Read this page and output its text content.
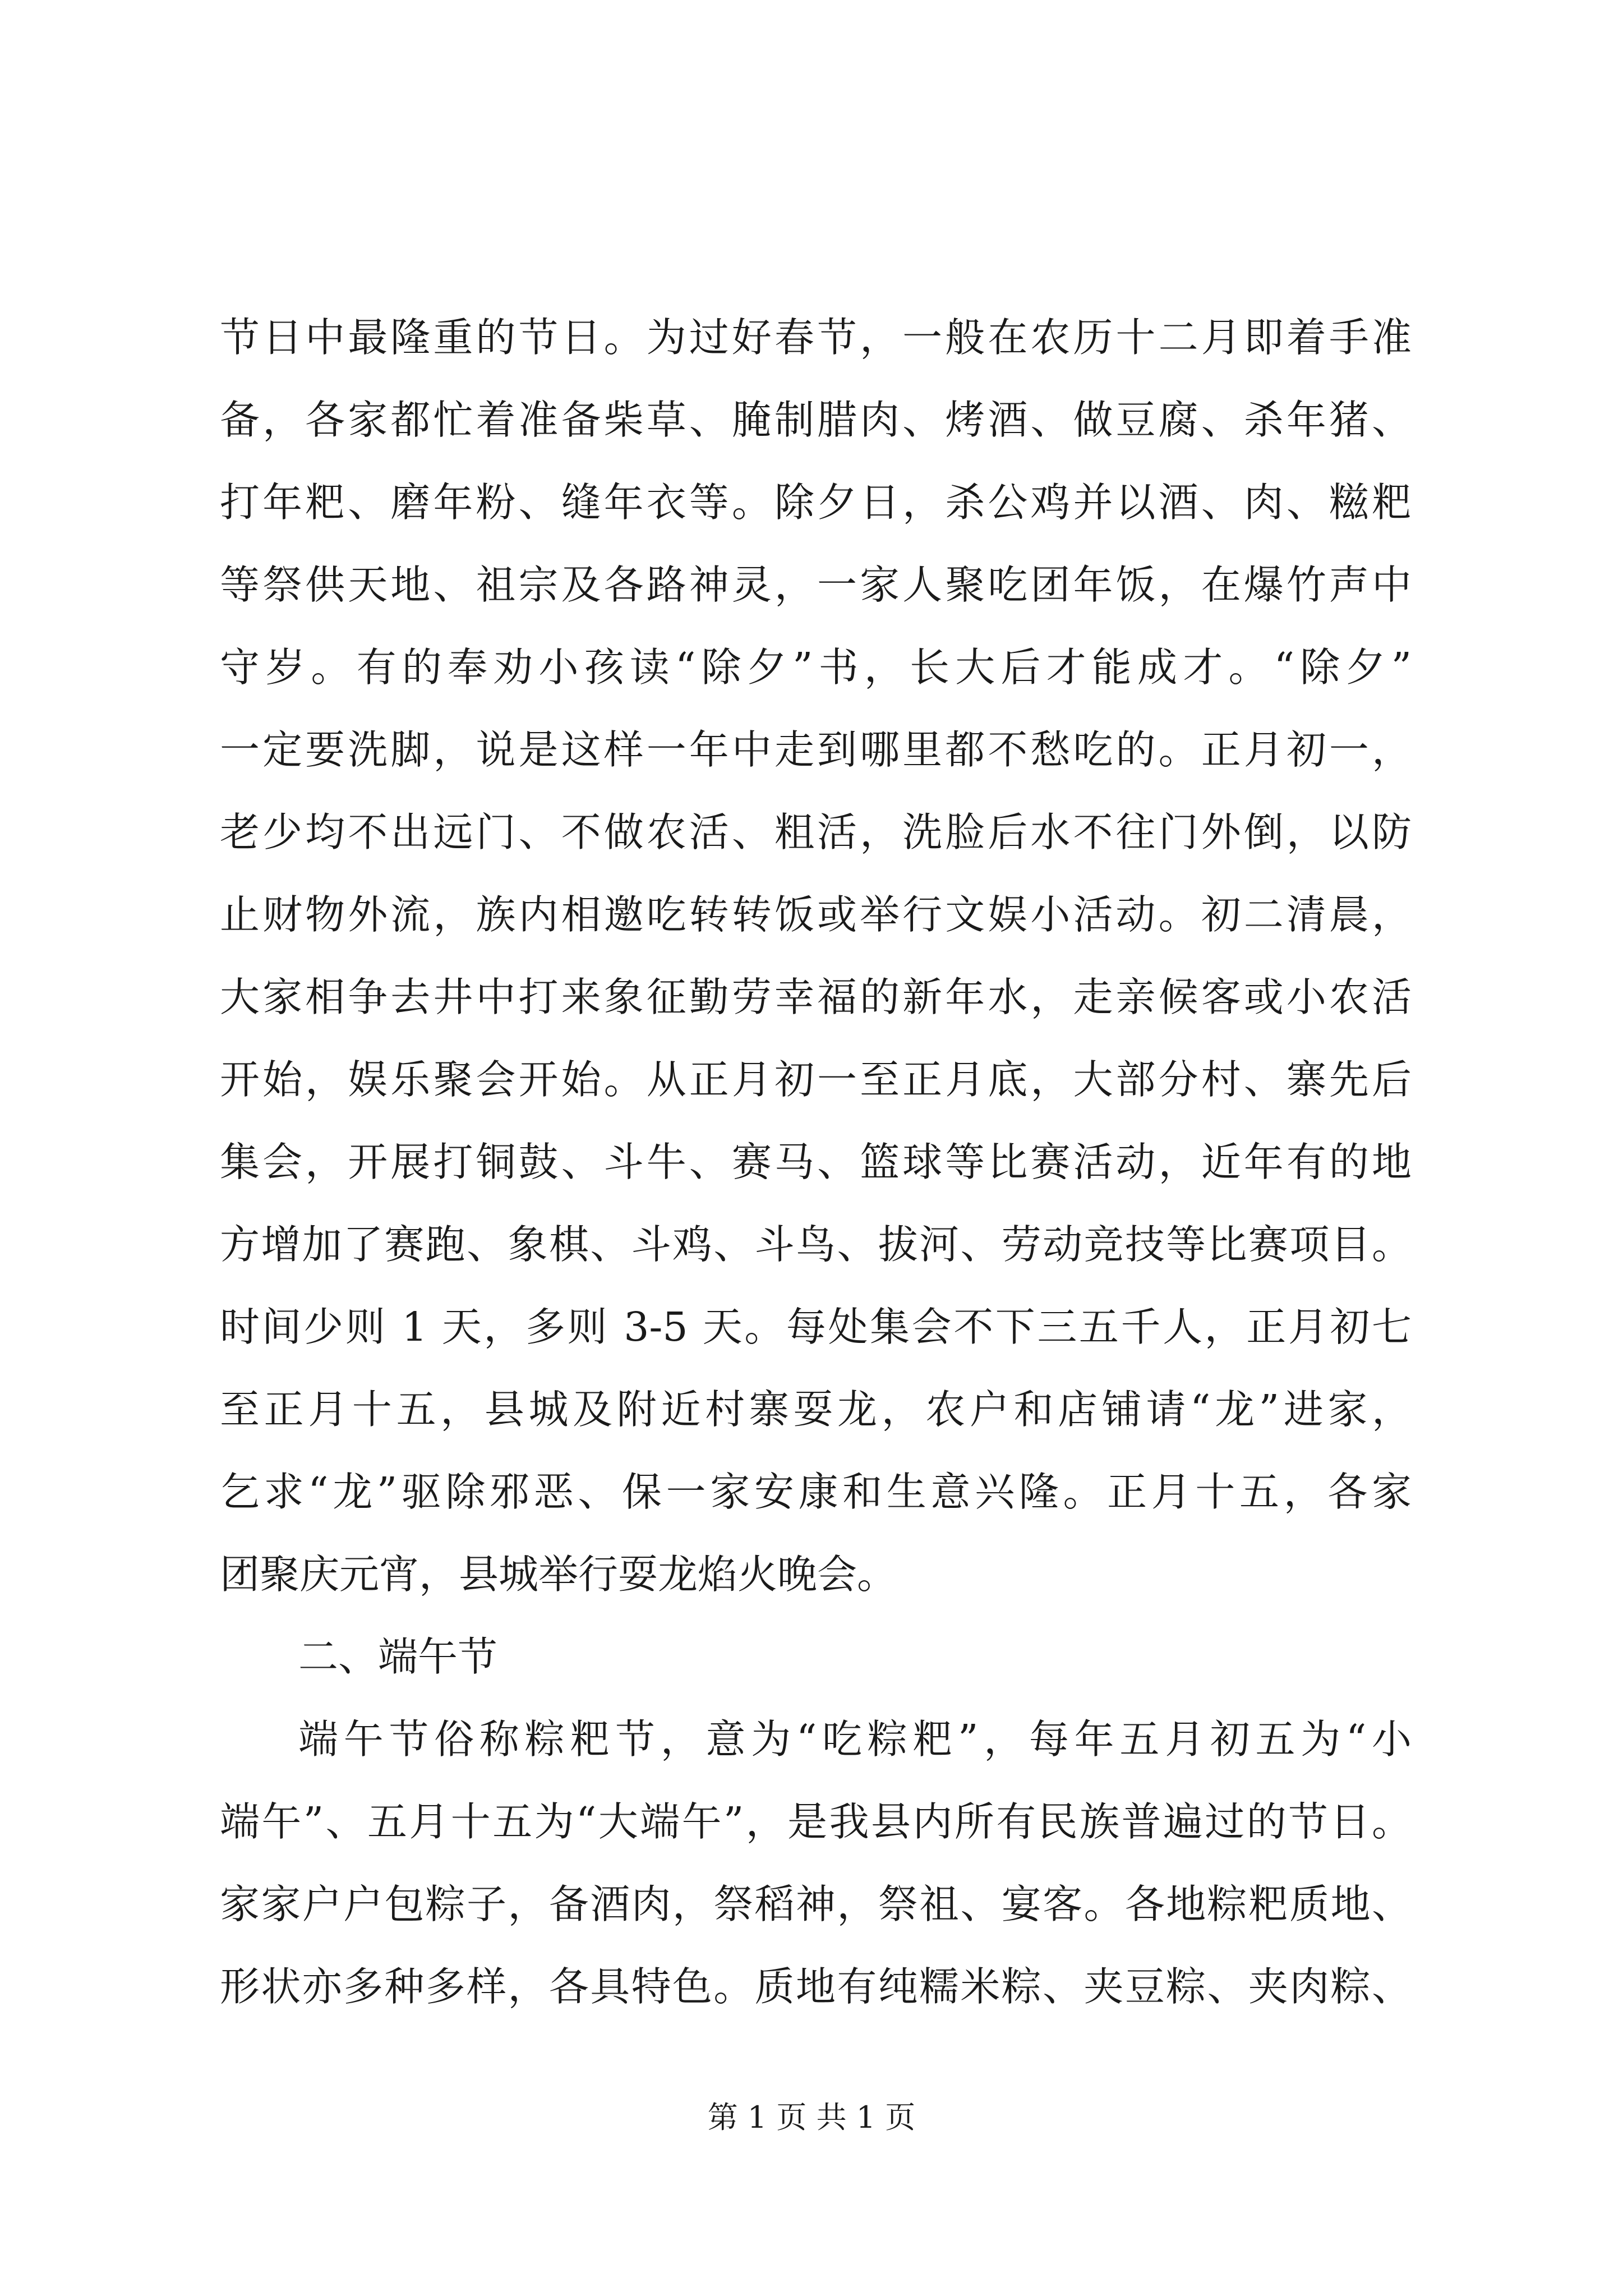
节日中最隆重的节日。为过好春节，一般在农历十二月即着手准
备，各家都忙着准备柴草、腌制腊肉、烤酒、做豆腐、杀年猪、
打年粑、磨年粉、缝年衣等。除夕日，杀公鸡并以酒、肉、糍粑
等祭供天地、祖宗及各路神灵，一家人聚吃团年饭，在爆竹声中
守岁。有的奉劝小孩读“除夕”书，长大后才能成才。“除夕”
一定要洗脚，说是这样一年中走到哪里都不愁吃的。正月初一，
老少均不出远门、不做农活、粗活，洗脸后水不往门外倒，以防
止财物外流，族内相邀吃转转饭或举行文娱小活动。初二清晨，
大家相争去井中打来象征勤劳幸福的新年水，走亲候客或小农活
开始，娱乐聚会开始。从正月初一至正月底，大部分村、寨先后
集会，开展打铜鼓、斗牛、赛马、篮球等比赛活动，近年有的地
方增加了赛跑、象棋、斗鸡、斗鸟、拔河、劳动竞技等比赛项目。
时间少则 1 天，多则 3-5 天。每处集会不下三五千人，正月初七
至正月十五，县城及附近村寨耍龙，农户和店铺请“龙”进家，
乞求“龙”驱除邪恶、保一家安康和生意兴隆。正月十五，各家
团聚庆元宵，县城举行耍龙焰火晚会。
二、端午节
端午节俗称粽粑节，意为“吃粽粑”，每年五月初五为“小
端午”、五月十五为“大端午”，是我县内所有民族普遍过的节日。
家家户户包粽子，备酒肉，祭稻神，祭祖、宴客。各地粽粑质地、
形状亦多种多样，各具特色。质地有纯糯米粽、夹豆粽、夹肉粽、
第 1 页 共 1 页
